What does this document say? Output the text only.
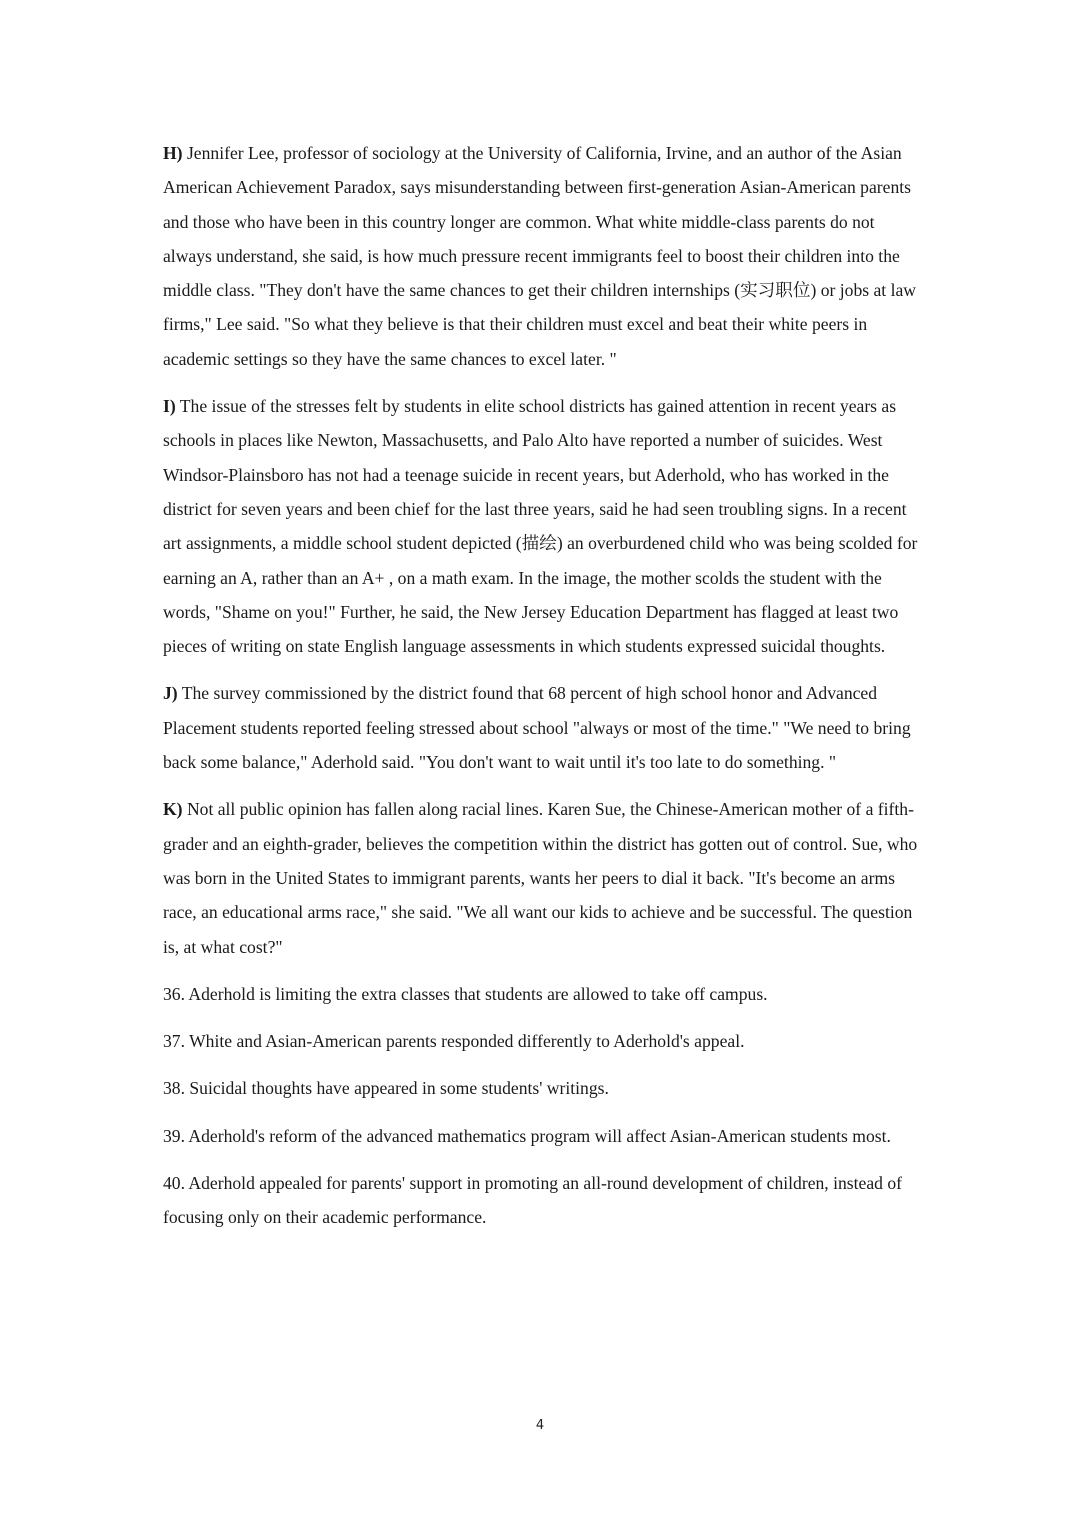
H) Jennifer Lee, professor of sociology at the University of California, Irvine, and an author of the Asian American Achievement Paradox, says misunderstanding between first-generation Asian-American parents and those who have been in this country longer are common. What white middle-class parents do not always understand, she said, is how much pressure recent immigrants feel to boost their children into the middle class. "They don't have the same chances to get their children internships (实习职位) or jobs at law firms," Lee said. "So what they believe is that their children must excel and beat their white peers in academic settings so they have the same chances to excel later. "

I) The issue of the stresses felt by students in elite school districts has gained attention in recent years as schools in places like Newton, Massachusetts, and Palo Alto have reported a number of suicides. West Windsor-Plainsboro has not had a teenage suicide in recent years, but Aderhold, who has worked in the district for seven years and been chief for the last three years, said he had seen troubling signs. In a recent art assignments, a middle school student depicted (描绘) an overburdened child who was being scolded for earning an A, rather than an A+ , on a math exam. In the image, the mother scolds the student with the words, "Shame on you!" Further, he said, the New Jersey Education Department has flagged at least two pieces of writing on state English language assessments in which students expressed suicidal thoughts.

J) The survey commissioned by the district found that 68 percent of high school honor and Advanced Placement students reported feeling stressed about school "always or most of the time." "We need to bring back some balance," Aderhold said. "You don't want to wait until it's too late to do something. "

K) Not all public opinion has fallen along racial lines. Karen Sue, the Chinese-American mother of a fifth-grader and an eighth-grader, believes the competition within the district has gotten out of control. Sue, who was born in the United States to immigrant parents, wants her peers to dial it back. "It's become an arms race, an educational arms race," she said. "We all want our kids to achieve and be successful. The question is, at what cost?"

36. Aderhold is limiting the extra classes that students are allowed to take off campus.

37. White and Asian-American parents responded differently to Aderhold's appeal.

38. Suicidal thoughts have appeared in some students' writings.

39. Aderhold's reform of the advanced mathematics program will affect Asian-American students most.

40. Aderhold appealed for parents' support in promoting an all-round development of children, instead of focusing only on their academic performance.

4
